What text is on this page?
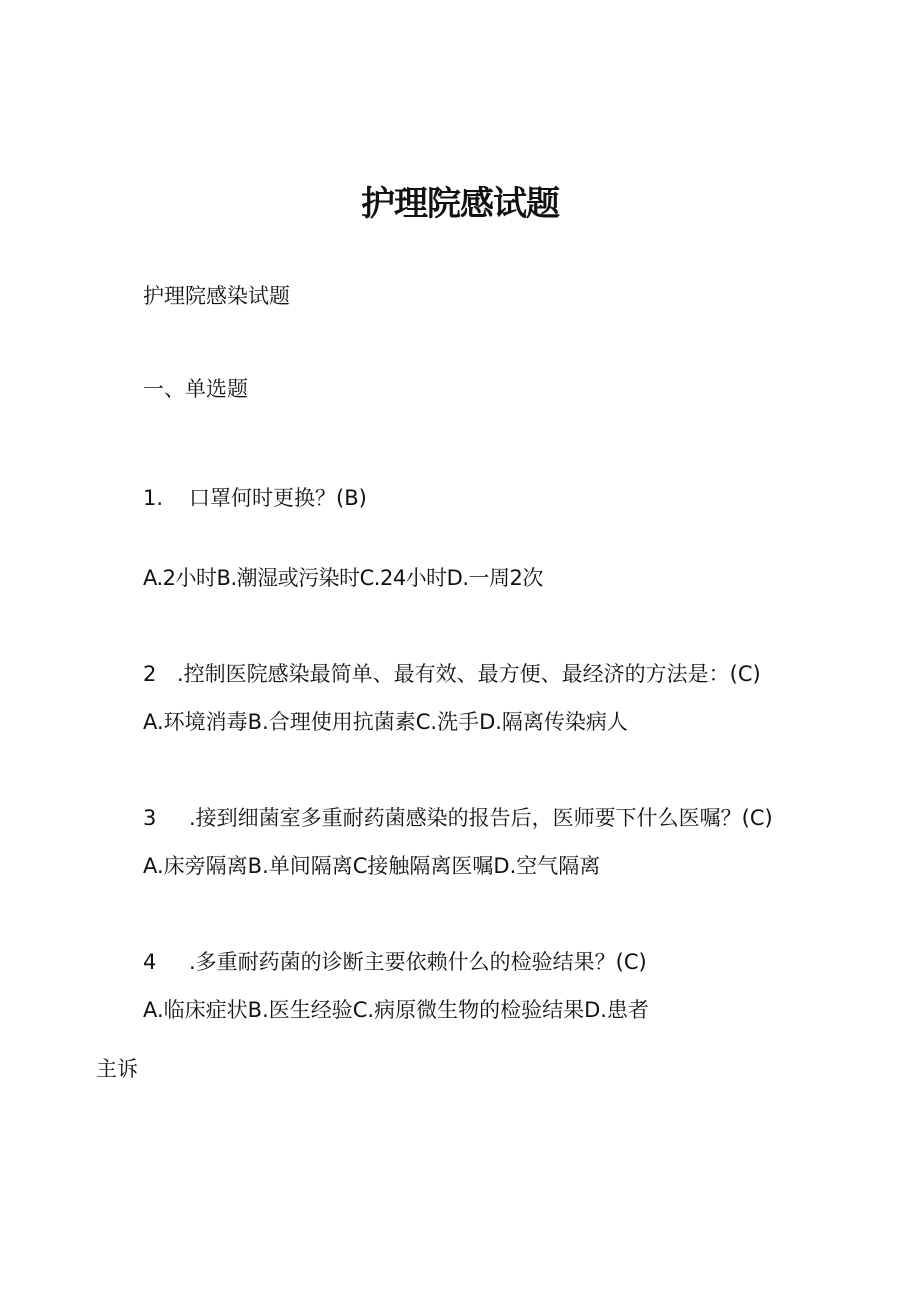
护理院感试题
护理院感染试题
一、单选题
1. 口罩何时更换？(B)
A.2小时B.潮湿或污染时C.24小时D.一周2次
2 .控制医院感染最简单、最有效、最方便、最经济的方法是：(C)
A.环境消毒B.合理使用抗菌素C.洗手D.隔离传染病人
3 .接到细菌室多重耐药菌感染的报告后，医师要下什么医嘱？(C)
A.床旁隔离B.单间隔离C接触隔离医嘱D.空气隔离
4 .多重耐药菌的诊断主要依赖什么的检验结果？(C)
A.临床症状B.医生经验C.病原微生物的检验结果D.患者
主诉
